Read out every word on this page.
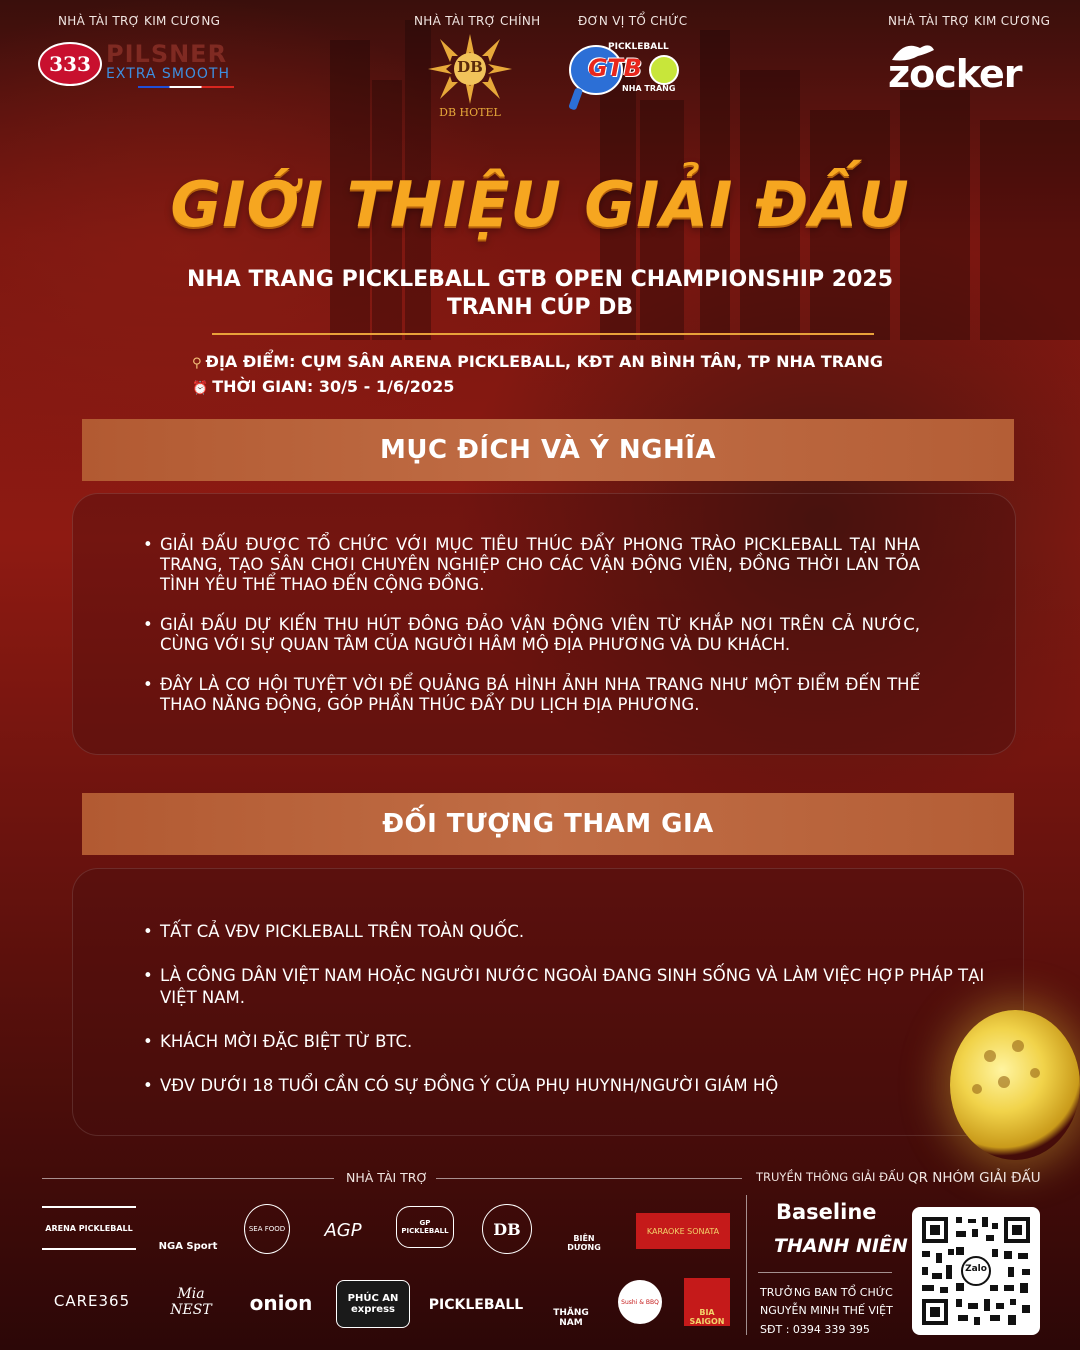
NHÀ TÀI TRỢ KIM CƯƠNG	NHÀ TÀI TRỢ CHÍNH	ĐƠN VỊ TỔ CHỨC	NHÀ TÀI TRỢ KIM CƯƠNG
333 PILSNER
EXTRA SMOOTH	DB
DB HOTEL
PICKLEBALL
GTB
NHA TRANG	zocker
GIỚI THIỆU GIẢI ĐẤU
NHA TRANG PICKLEBALL GTB OPEN CHAMPIONSHIP 2025
TRANH CÚP DB
⚲ ĐỊA ĐIỂM: CỤM SÂN ARENA PICKLEBALL, KĐT AN BÌNH TÂN, TP NHA TRANG
⏰ THỜI GIAN: 30/5 - 1/6/2025
MỤC ĐÍCH VÀ Ý NGHĨA
• GIẢI ĐẤU ĐƯỢC TỔ CHỨC VỚI MỤC TIÊU THÚC ĐẨY PHONG TRÀO PICKLEBALL TẠI NHA TRANG, TẠO SÂN CHƠI CHUYÊN NGHIỆP CHO CÁC VẬN ĐỘNG VIÊN, ĐỒNG THỜI LAN TỎA TÌNH YÊU THỂ THAO ĐẾN CỘNG ĐỒNG.
• GIẢI ĐẤU DỰ KIẾN THU HÚT ĐÔNG ĐẢO VẬN ĐỘNG VIÊN TỪ KHẮP NƠI TRÊN CẢ NƯỚC, CÙNG VỚI SỰ QUAN TÂM CỦA NGƯỜI HÂM MỘ ĐỊA PHƯƠNG VÀ DU KHÁCH.
• ĐÂY LÀ CƠ HỘI TUYỆT VỜI ĐỂ QUẢNG BÁ HÌNH ẢNH NHA TRANG NHƯ MỘT ĐIỂM ĐẾN THỂ THAO NĂNG ĐỘNG, GÓP PHẦN THÚC ĐẨY DU LỊCH ĐỊA PHƯƠNG.
ĐỐI TƯỢNG THAM GIA
• TẤT CẢ VĐV PICKLEBALL TRÊN TOÀN QUỐC.
• LÀ CÔNG DÂN VIỆT NAM HOẶC NGƯỜI NƯỚC NGOÀI ĐANG SINH SỐNG VÀ LÀM VIỆC HỢP PHÁP TẠI VIỆT NAM.
• KHÁCH MỜI ĐẶC BIỆT TỪ BTC.
• VĐV DƯỚI 18 TUỔI CẦN CÓ SỰ ĐỒNG Ý CỦA PHỤ HUYNH/NGƯỜI GIÁM HỘ
NHÀ TÀI TRỢ	TRUYỀN THÔNG GIẢI ĐẤU QR NHÓM GIẢI ĐẤU
ARENA PICKLEBALL
NGA Sport
SEA FOOD	AGP	GP PICKLEBALL	DB	BIÊN DƯƠNG
KARAOKE SONATA
CARE365	Mia NEST	onion	PHÚC AN express	PICKLEBALL	THĂNG NAM
Sushi & BBQ
BIA SAIGON
Baseline
THANH NIÊN
TRƯỞNG BAN TỔ CHỨC
NGUYỄN MINH THẾ VIỆT
SĐT : 0394 339 395
Zalo
